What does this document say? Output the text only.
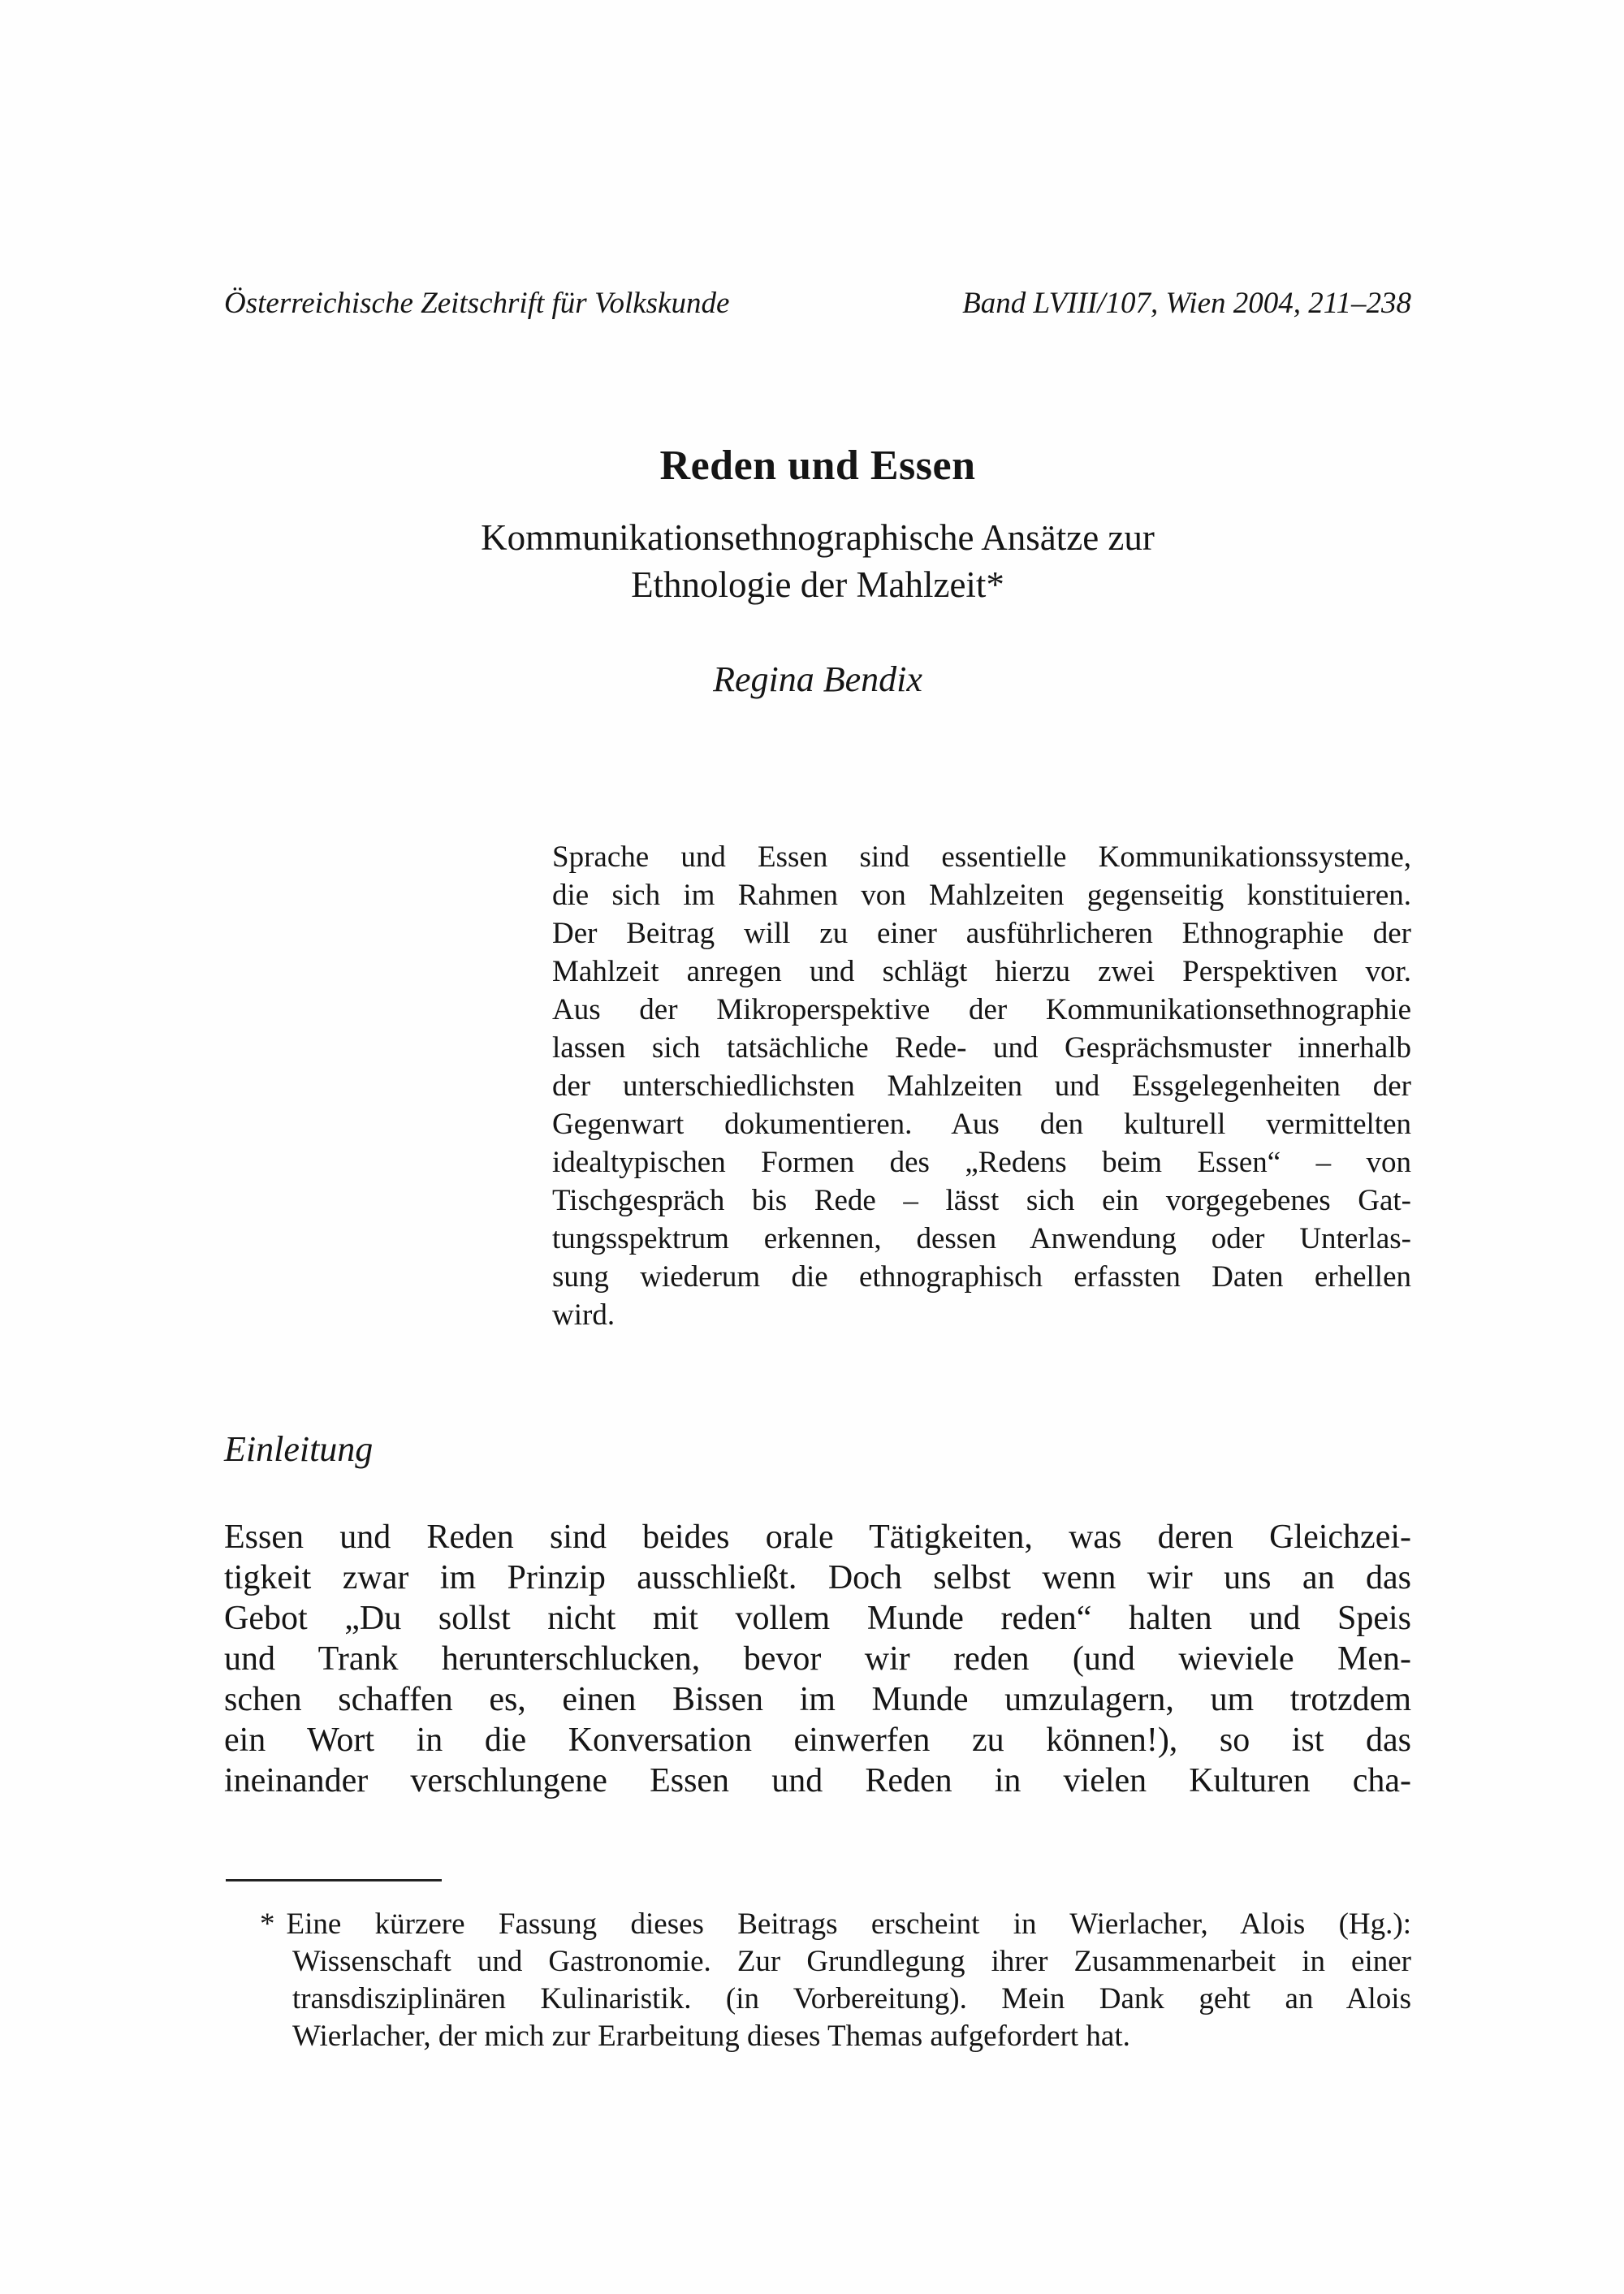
Österreichische Zeitschrift für Volkskunde	Band LVIII/107, Wien 2004, 211–238
Reden und Essen
Kommunikationsethnographische Ansätze zur
Ethnologie der Mahlzeit*
Regina Bendix
Sprache und Essen sind essentielle Kommunikationssysteme,
die sich im Rahmen von Mahlzeiten gegenseitig konstituieren.
Der Beitrag will zu einer ausführlicheren Ethnographie der
Mahlzeit anregen und schlägt hierzu zwei Perspektiven vor.
Aus der Mikroperspektive der Kommunikationsethnographie
lassen sich tatsächliche Rede- und Gesprächsmuster innerhalb
der unterschiedlichsten Mahlzeiten und Essgelegenheiten der
Gegenwart dokumentieren. Aus den kulturell vermittelten
idealtypischen Formen des „Redens beim Essen“ – von
Tischgespräch bis Rede – lässt sich ein vorgegebenes Gat-
tungsspektrum erkennen, dessen Anwendung oder Unterlas-
sung wiederum die ethnographisch erfassten Daten erhellen
wird.
Einleitung
Essen und Reden sind beides orale Tätigkeiten, was deren Gleichzei-
tigkeit zwar im Prinzip ausschließt. Doch selbst wenn wir uns an das
Gebot „Du sollst nicht mit vollem Munde reden“ halten und Speis
und Trank herunterschlucken, bevor wir reden (und wieviele Men-
schen schaffen es, einen Bissen im Munde umzulagern, um trotzdem
ein Wort in die Konversation einwerfen zu können!), so ist das
ineinander verschlungene Essen und Reden in vielen Kulturen cha-
* Eine kürzere Fassung dieses Beitrags erscheint in Wierlacher, Alois (Hg.):
Wissenschaft und Gastronomie. Zur Grundlegung ihrer Zusammenarbeit in einer
transdisziplinären Kulinaristik. (in Vorbereitung). Mein Dank geht an Alois
Wierlacher, der mich zur Erarbeitung dieses Themas aufgefordert hat.
